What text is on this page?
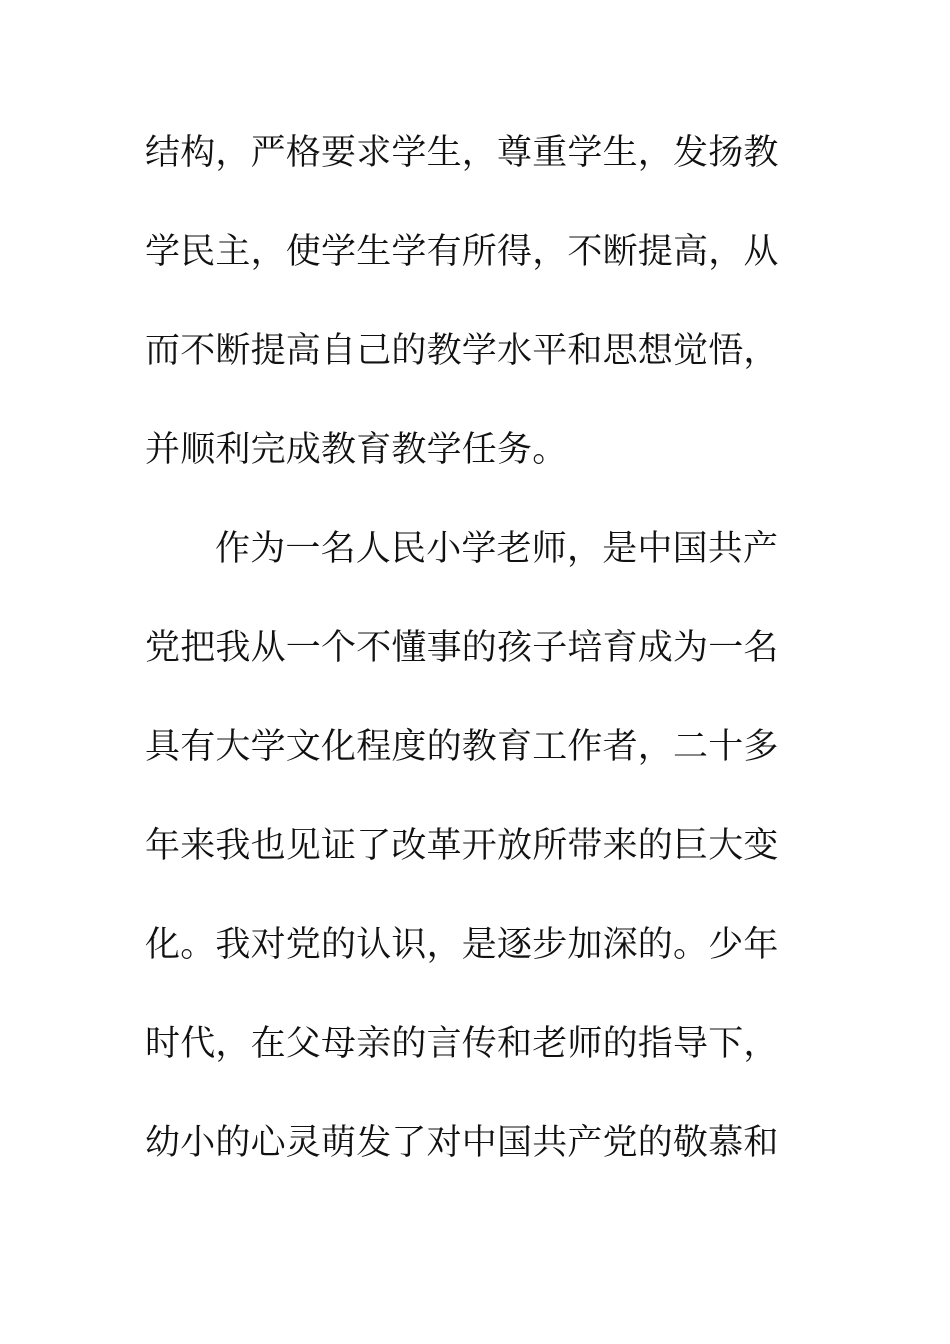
结构，严格要求学生，尊重学生，发扬教
学民主，使学生学有所得，不断提高，从
而不断提高自己的教学水平和思想觉悟，
并顺利完成教育教学任务。
作为一名人民小学老师，是中国共产
党把我从一个不懂事的孩子培育成为一名
具有大学文化程度的教育工作者，二十多
年来我也见证了改革开放所带来的巨大变
化。我对党的认识，是逐步加深的。少年
时代，在父母亲的言传和老师的指导下，
幼小的心灵萌发了对中国共产党的敬慕和
